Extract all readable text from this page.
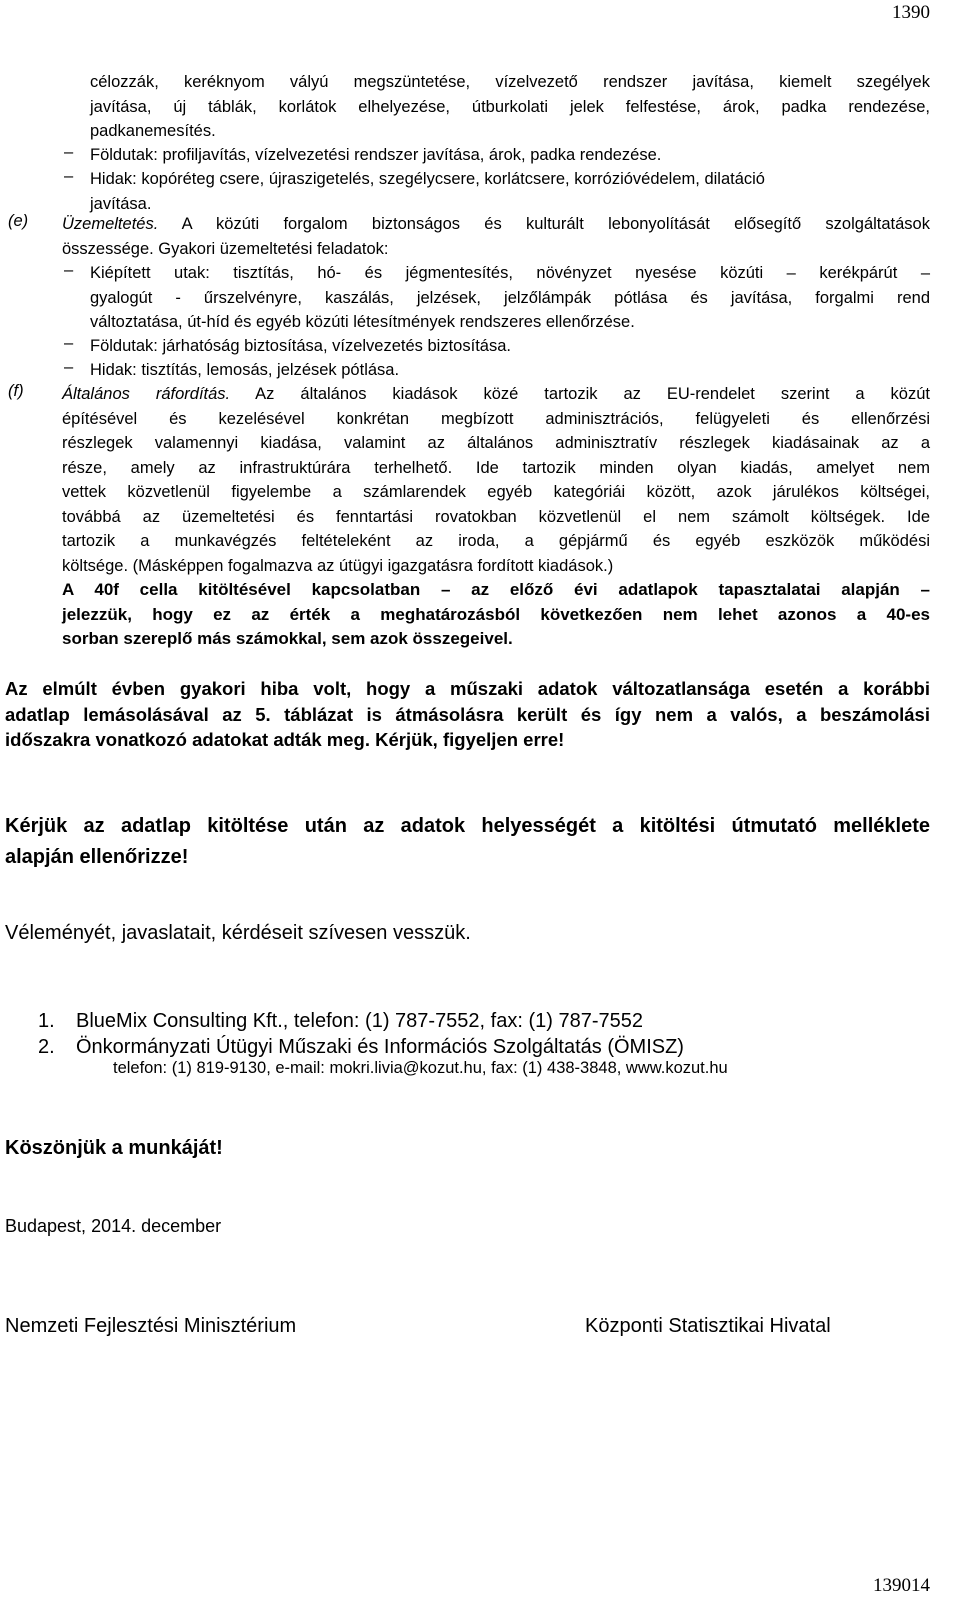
1390
célozzák, keréknyom vályú megszüntetése, vízelvezető rendszer javítása, kiemelt szegélyek
javítása, új táblák, korlátok elhelyezése, útburkolati jelek felfestése, árok, padka rendezése,
padkanemesítés.
– Földutak: profiljavítás, vízelvezetési rendszer javítása, árok, padka rendezése.
– Hidak: kopóréteg csere, újraszigetelés, szegélycsere, korlátcsere, korrózióvédelem, dilatáció
javítása.
(e) Üzemeltetés. A közúti forgalom biztonságos és kulturált lebonyolítását elősegítő szolgáltatások
összessége. Gyakori üzemeltetési feladatok:
– Kiépített utak: tisztítás, hó- és jégmentesítés, növényzet nyesése közúti – kerékpárút –
gyalogút - űrszelvényre, kaszálás, jelzések, jelzőlámpák pótlása és javítása, forgalmi rend
változtatása, út-híd és egyéb közúti létesítmények rendszeres ellenőrzése.
– Földutak: járhatóság biztosítása, vízelvezetés biztosítása.
– Hidak: tisztítás, lemosás, jelzések pótlása.
(f) Általános ráfordítás. Az általános kiadások közé tartozik az EU-rendelet szerint a közút
építésével és kezelésével konkrétan megbízott adminisztrációs, felügyeleti és ellenőrzési
részlegek valamennyi kiadása, valamint az általános adminisztratív részlegek kiadásainak az a
része, amely az infrastruktúrára terhelhető. Ide tartozik minden olyan kiadás, amelyet nem
vettek közvetlenül figyelembe a számlarendek egyéb kategóriái között, azok járulékos költségei,
továbbá az üzemeltetési és fenntartási rovatokban közvetlenül el nem számolt költségek. Ide
tartozik a munkavégzés feltételeként az iroda, a gépjármű és egyéb eszközök működési
költsége. (Másképpen fogalmazva az útügyi igazgatásra fordított kiadások.)
A 40f cella kitöltésével kapcsolatban – az előző évi adatlapok tapasztalatai alapján –
jelezzük, hogy ez az érték a meghatározásból következően nem lehet azonos a 40-es
sorban szereplő más számokkal, sem azok összegeivel.
Az elmúlt évben gyakori hiba volt, hogy a műszaki adatok változatlansága esetén a korábbi
adatlap lemásolásával az 5. táblázat is átmásolásra került és így nem a valós, a beszámolási
időszakra vonatkozó adatokat adták meg. Kérjük, figyeljen erre!
Kérjük az adatlap kitöltése után az adatok helyességét a kitöltési útmutató melléklete
alapján ellenőrizze!
Véleményét, javaslatait, kérdéseit szívesen vesszük.
1. BlueMix Consulting Kft., telefon: (1) 787-7552, fax: (1) 787-7552
2. Önkormányzati Útügyi Műszaki és Információs Szolgáltatás (ÖMISZ)
telefon: (1) 819-9130, e-mail: mokri.livia@kozut.hu, fax: (1) 438-3848, www.kozut.hu
Köszönjük a munkáját!
Budapest, 2014. december
Nemzeti Fejlesztési Minisztérium	Központi Statisztikai Hivatal
139014
